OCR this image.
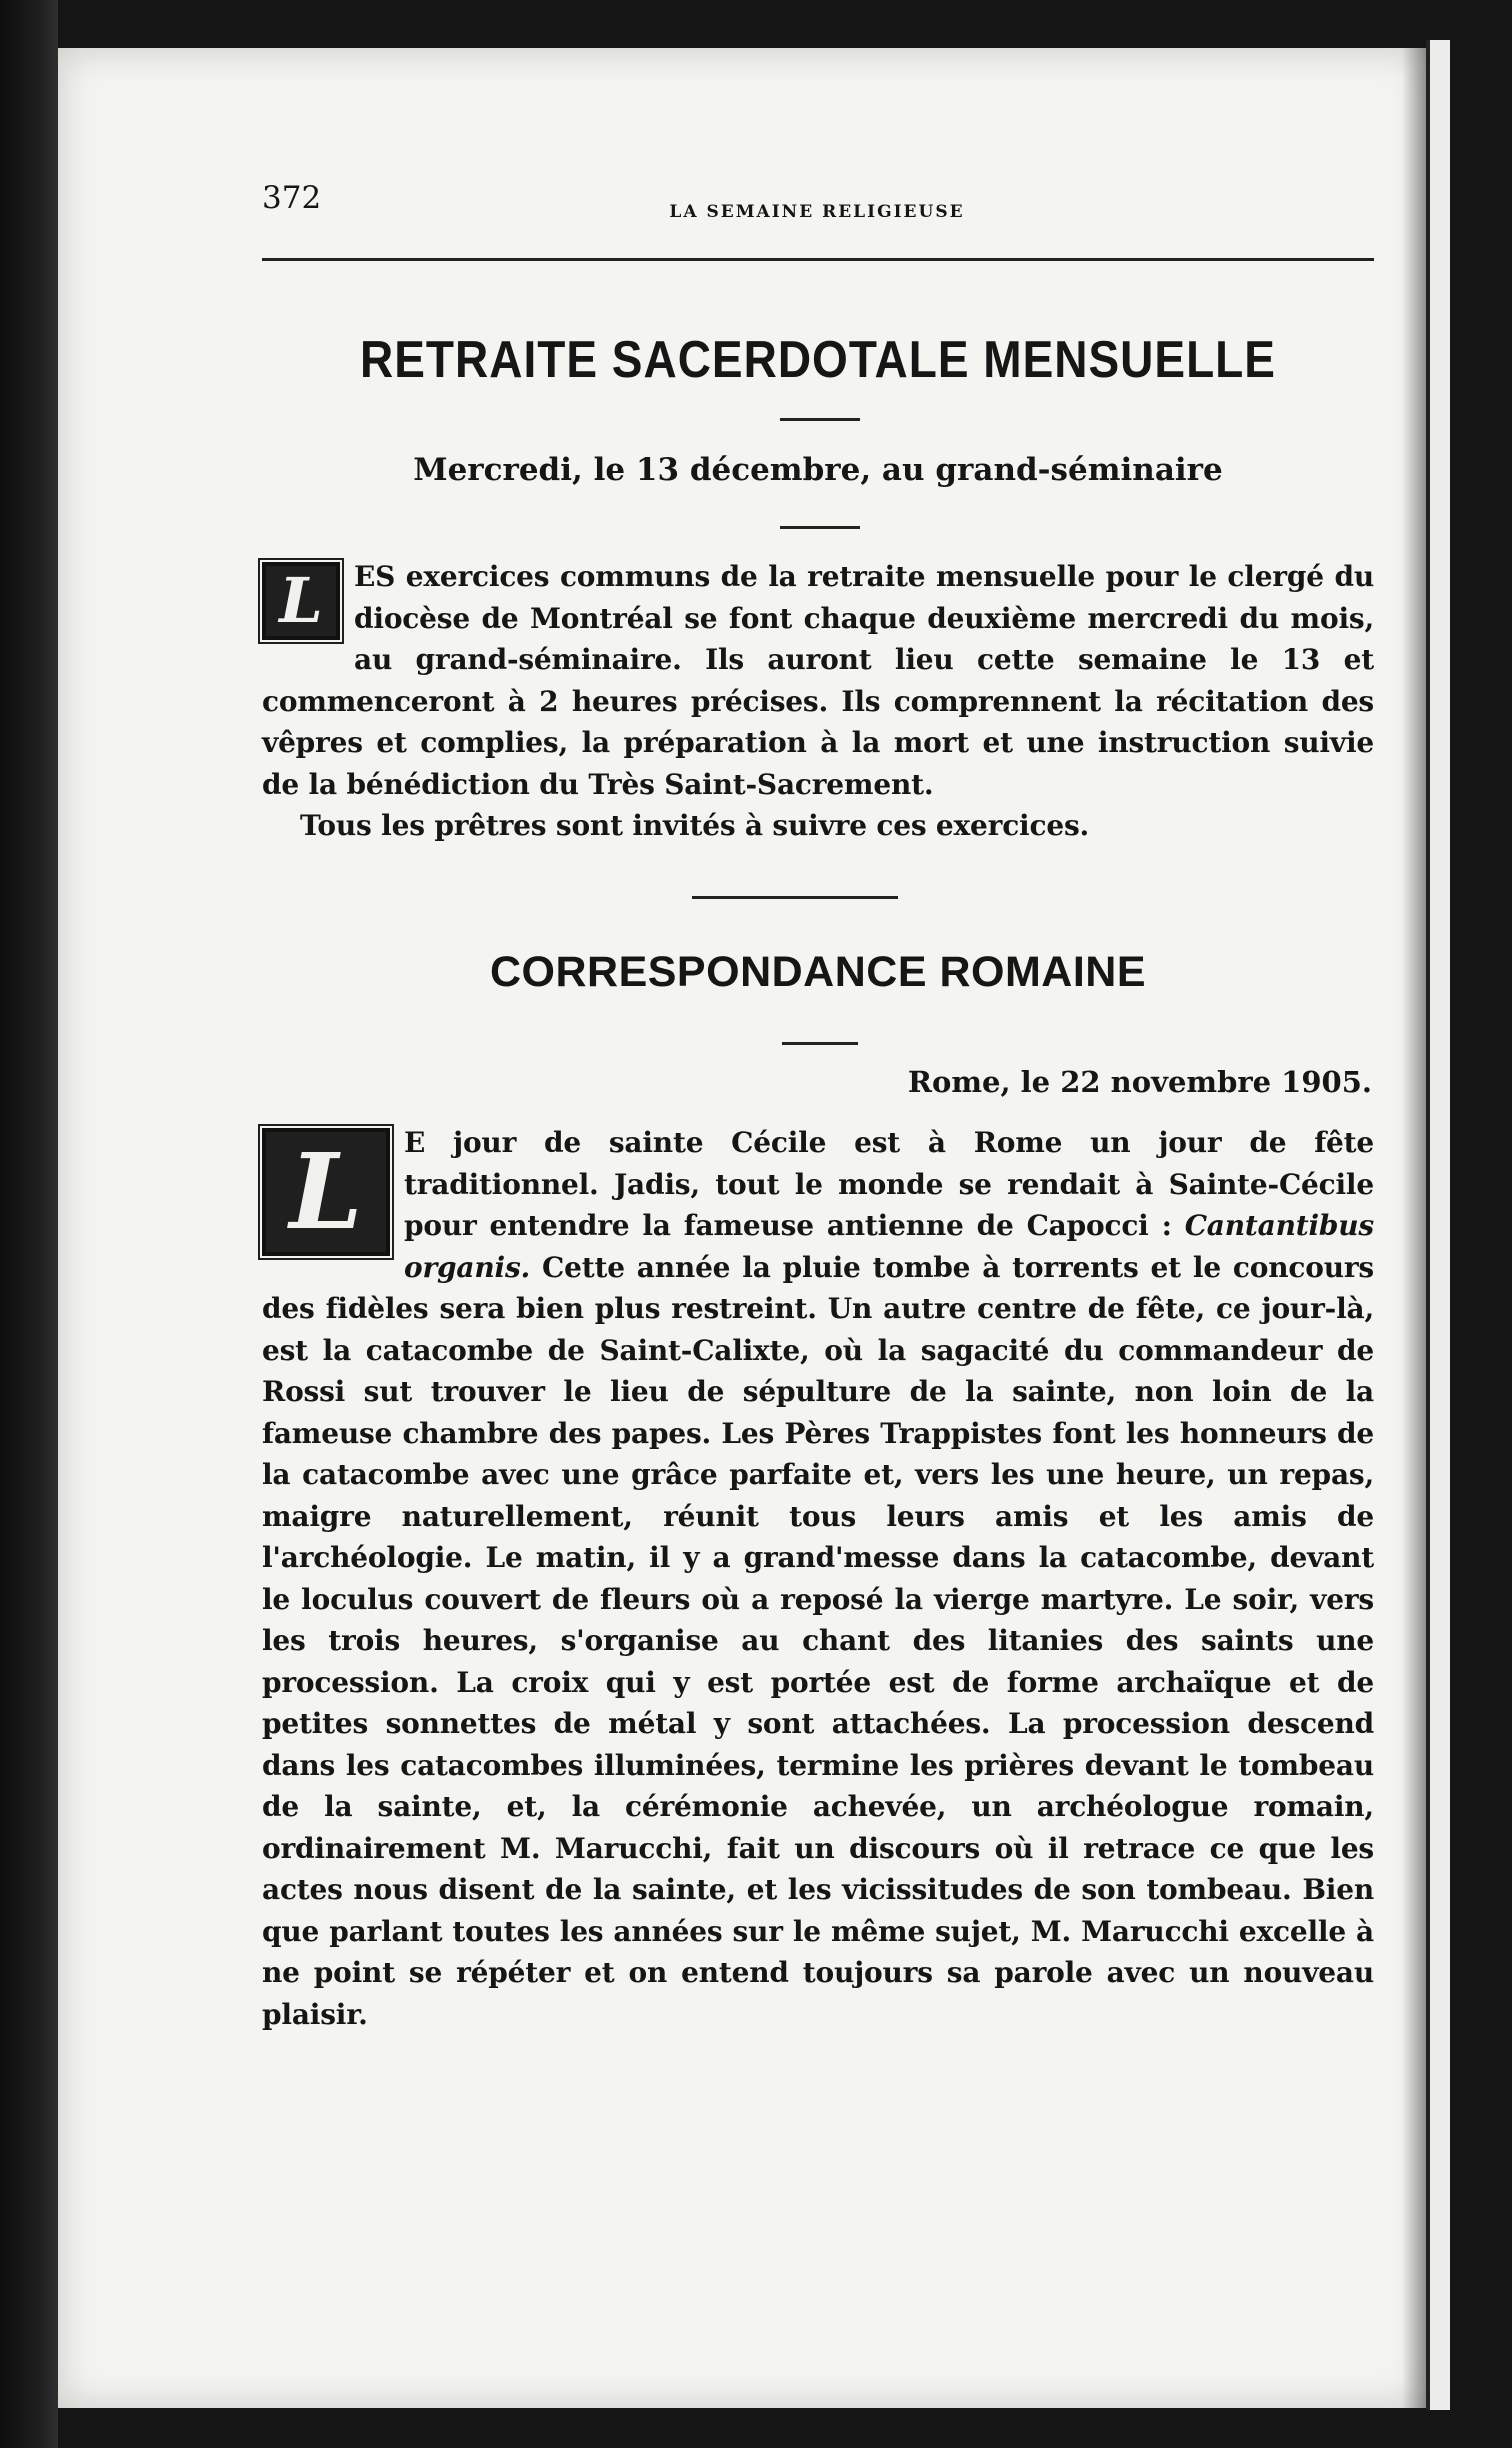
372	LA SEMAINE RELIGIEUSE
RETRAITE SACERDOTALE MENSUELLE
Mercredi, le 13 décembre, au grand-séminaire
L	ES exercices communs de la retraite mensuelle pour le clergé du diocèse de Montréal se font chaque deuxième mercredi du mois, au grand-séminaire. Ils auront lieu cette semaine le 13 et commenceront à 2 heures précises. Ils comprennent la récitation des vêpres et complies, la préparation à la mort et une instruction suivie de la bénédiction du Très Saint-Sacrement.
Tous les prêtres sont invités à suivre ces exercices.
CORRESPONDANCE ROMAINE
Rome, le 22 novembre 1905.
L	E jour de sainte Cécile est à Rome un jour de fête traditionnel. Jadis, tout le monde se rendait à Sainte-Cécile pour entendre la fameuse antienne de Capocci : Cantantibus organis. Cette année la pluie tombe à torrents et le concours des fidèles sera bien plus restreint. Un autre centre de fête, ce jour-là, est la catacombe de Saint-Calixte, où la sagacité du commandeur de Rossi sut trouver le lieu de sépulture de la sainte, non loin de la fameuse chambre des papes. Les Pères Trappistes font les honneurs de la catacombe avec une grâce parfaite et, vers les une heure, un repas, maigre naturellement, réunit tous leurs amis et les amis de l'archéologie. Le matin, il y a grand'messe dans la catacombe, devant le loculus couvert de fleurs où a reposé la vierge martyre. Le soir, vers les trois heures, s'organise au chant des litanies des saints une procession. La croix qui y est portée est de forme archaïque et de petites sonnettes de métal y sont attachées. La procession descend dans les catacombes illuminées, termine les prières devant le tombeau de la sainte, et, la cérémonie achevée, un archéologue romain, ordinairement M. Marucchi, fait un discours où il retrace ce que les actes nous disent de la sainte, et les vicissitudes de son tombeau. Bien que parlant toutes les années sur le même sujet, M. Marucchi excelle à ne point se répéter et on entend toujours sa parole avec un nouveau plaisir.
